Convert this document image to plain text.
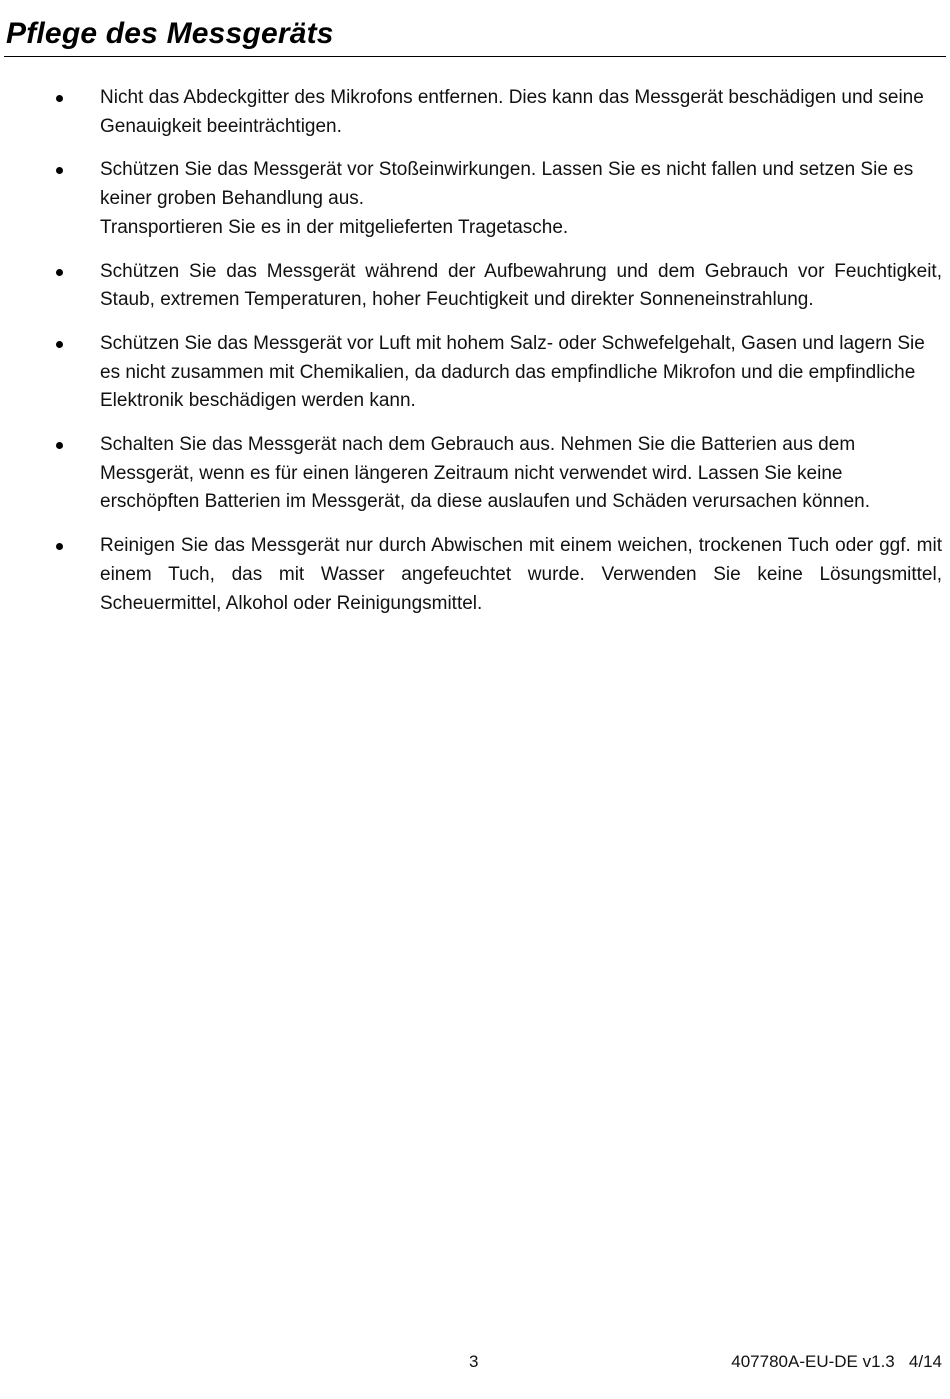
Pflege des Messgeräts

Nicht das Abdeckgitter des Mikrofons entfernen. Dies kann das Messgerät beschädigen und seine Genauigkeit beeinträchtigen.

Schützen Sie das Messgerät vor Stoßeinwirkungen. Lassen Sie es nicht fallen und setzen Sie es keiner groben Behandlung aus.

Transportieren Sie es in der mitgelieferten Tragetasche.

Schützen Sie das Messgerät während der Aufbewahrung und dem Gebrauch vor Feuchtigkeit, Staub, extremen Temperaturen, hoher Feuchtigkeit und direkter Sonneneinstrahlung.

Schützen Sie das Messgerät vor Luft mit hohem Salz- oder Schwefelgehalt, Gasen und lagern Sie es nicht zusammen mit Chemikalien, da dadurch das empfindliche Mikrofon und die empfindliche Elektronik beschädigen werden kann.

Schalten Sie das Messgerät nach dem Gebrauch aus. Nehmen Sie die Batterien aus dem Messgerät, wenn es für einen längeren Zeitraum nicht verwendet wird. Lassen Sie keine erschöpften Batterien im Messgerät, da diese auslaufen und Schäden verursachen können.

Reinigen Sie das Messgerät nur durch Abwischen mit einem weichen, trockenen Tuch oder ggf. mit einem Tuch, das mit Wasser angefeuchtet wurde. Verwenden Sie keine Lösungsmittel, Scheuermittel, Alkohol oder Reinigungsmittel.

3	407780A-EU-DE v1.3   4/14
